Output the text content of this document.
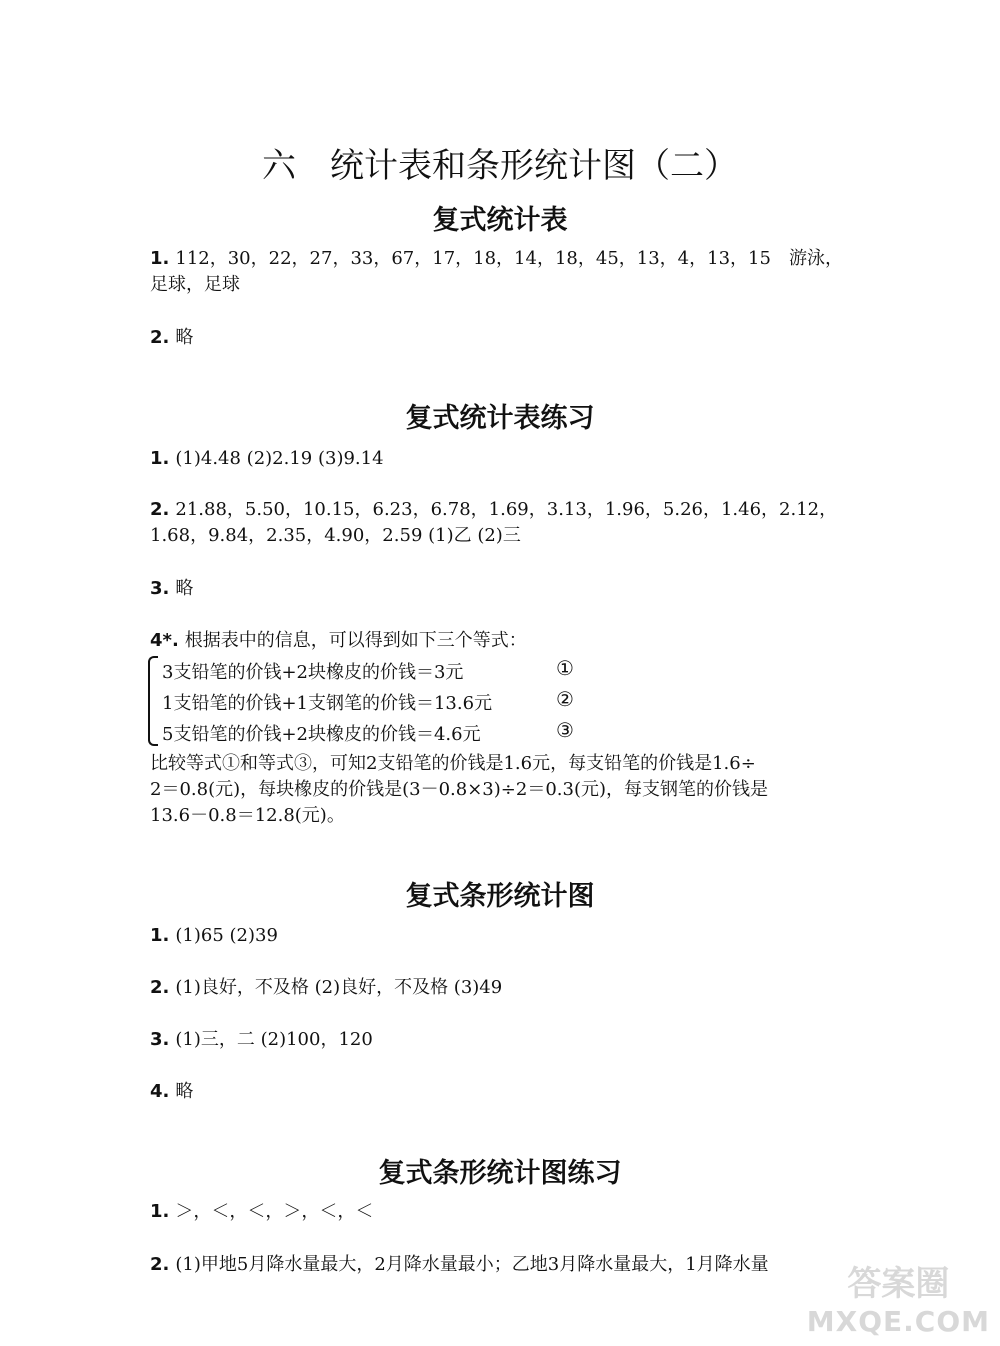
六　统计表和条形统计图（二）
复式统计表
1. 112，30，22，27，33，67，17，18，14，18，45，13，4，13，15　游泳，
足球，足球
2. 略
复式统计表练习
1. (1)4.48 (2)2.19 (3)9.14
2. 21.88，5.50，10.15，6.23，6.78，1.69，3.13，1.96，5.26，1.46，2.12，
1.68，9.84，2.35，4.90，2.59 (1)乙 (2)三
3. 略
4*. 根据表中的信息，可以得到如下三个等式：
3支铅笔的价钱+2块橡皮的价钱＝3元	①
1支铅笔的价钱+1支钢笔的价钱＝13.6元	②
5支铅笔的价钱+2块橡皮的价钱＝4.6元	③
比较等式①和等式③，可知2支铅笔的价钱是1.6元，每支铅笔的价钱是1.6÷
2＝0.8(元)，每块橡皮的价钱是(3－0.8×3)÷2＝0.3(元)，每支钢笔的价钱是
13.6－0.8＝12.8(元)。
复式条形统计图
1. (1)65 (2)39
2. (1)良好，不及格 (2)良好，不及格 (3)49
3. (1)三，二 (2)100，120
4. 略
复式条形统计图练习
1. ＞，＜，＜，＞，＜，＜
2. (1)甲地5月降水量最大，2月降水量最小；乙地3月降水量最大，1月降水量	答案圈
MXQE.COM
